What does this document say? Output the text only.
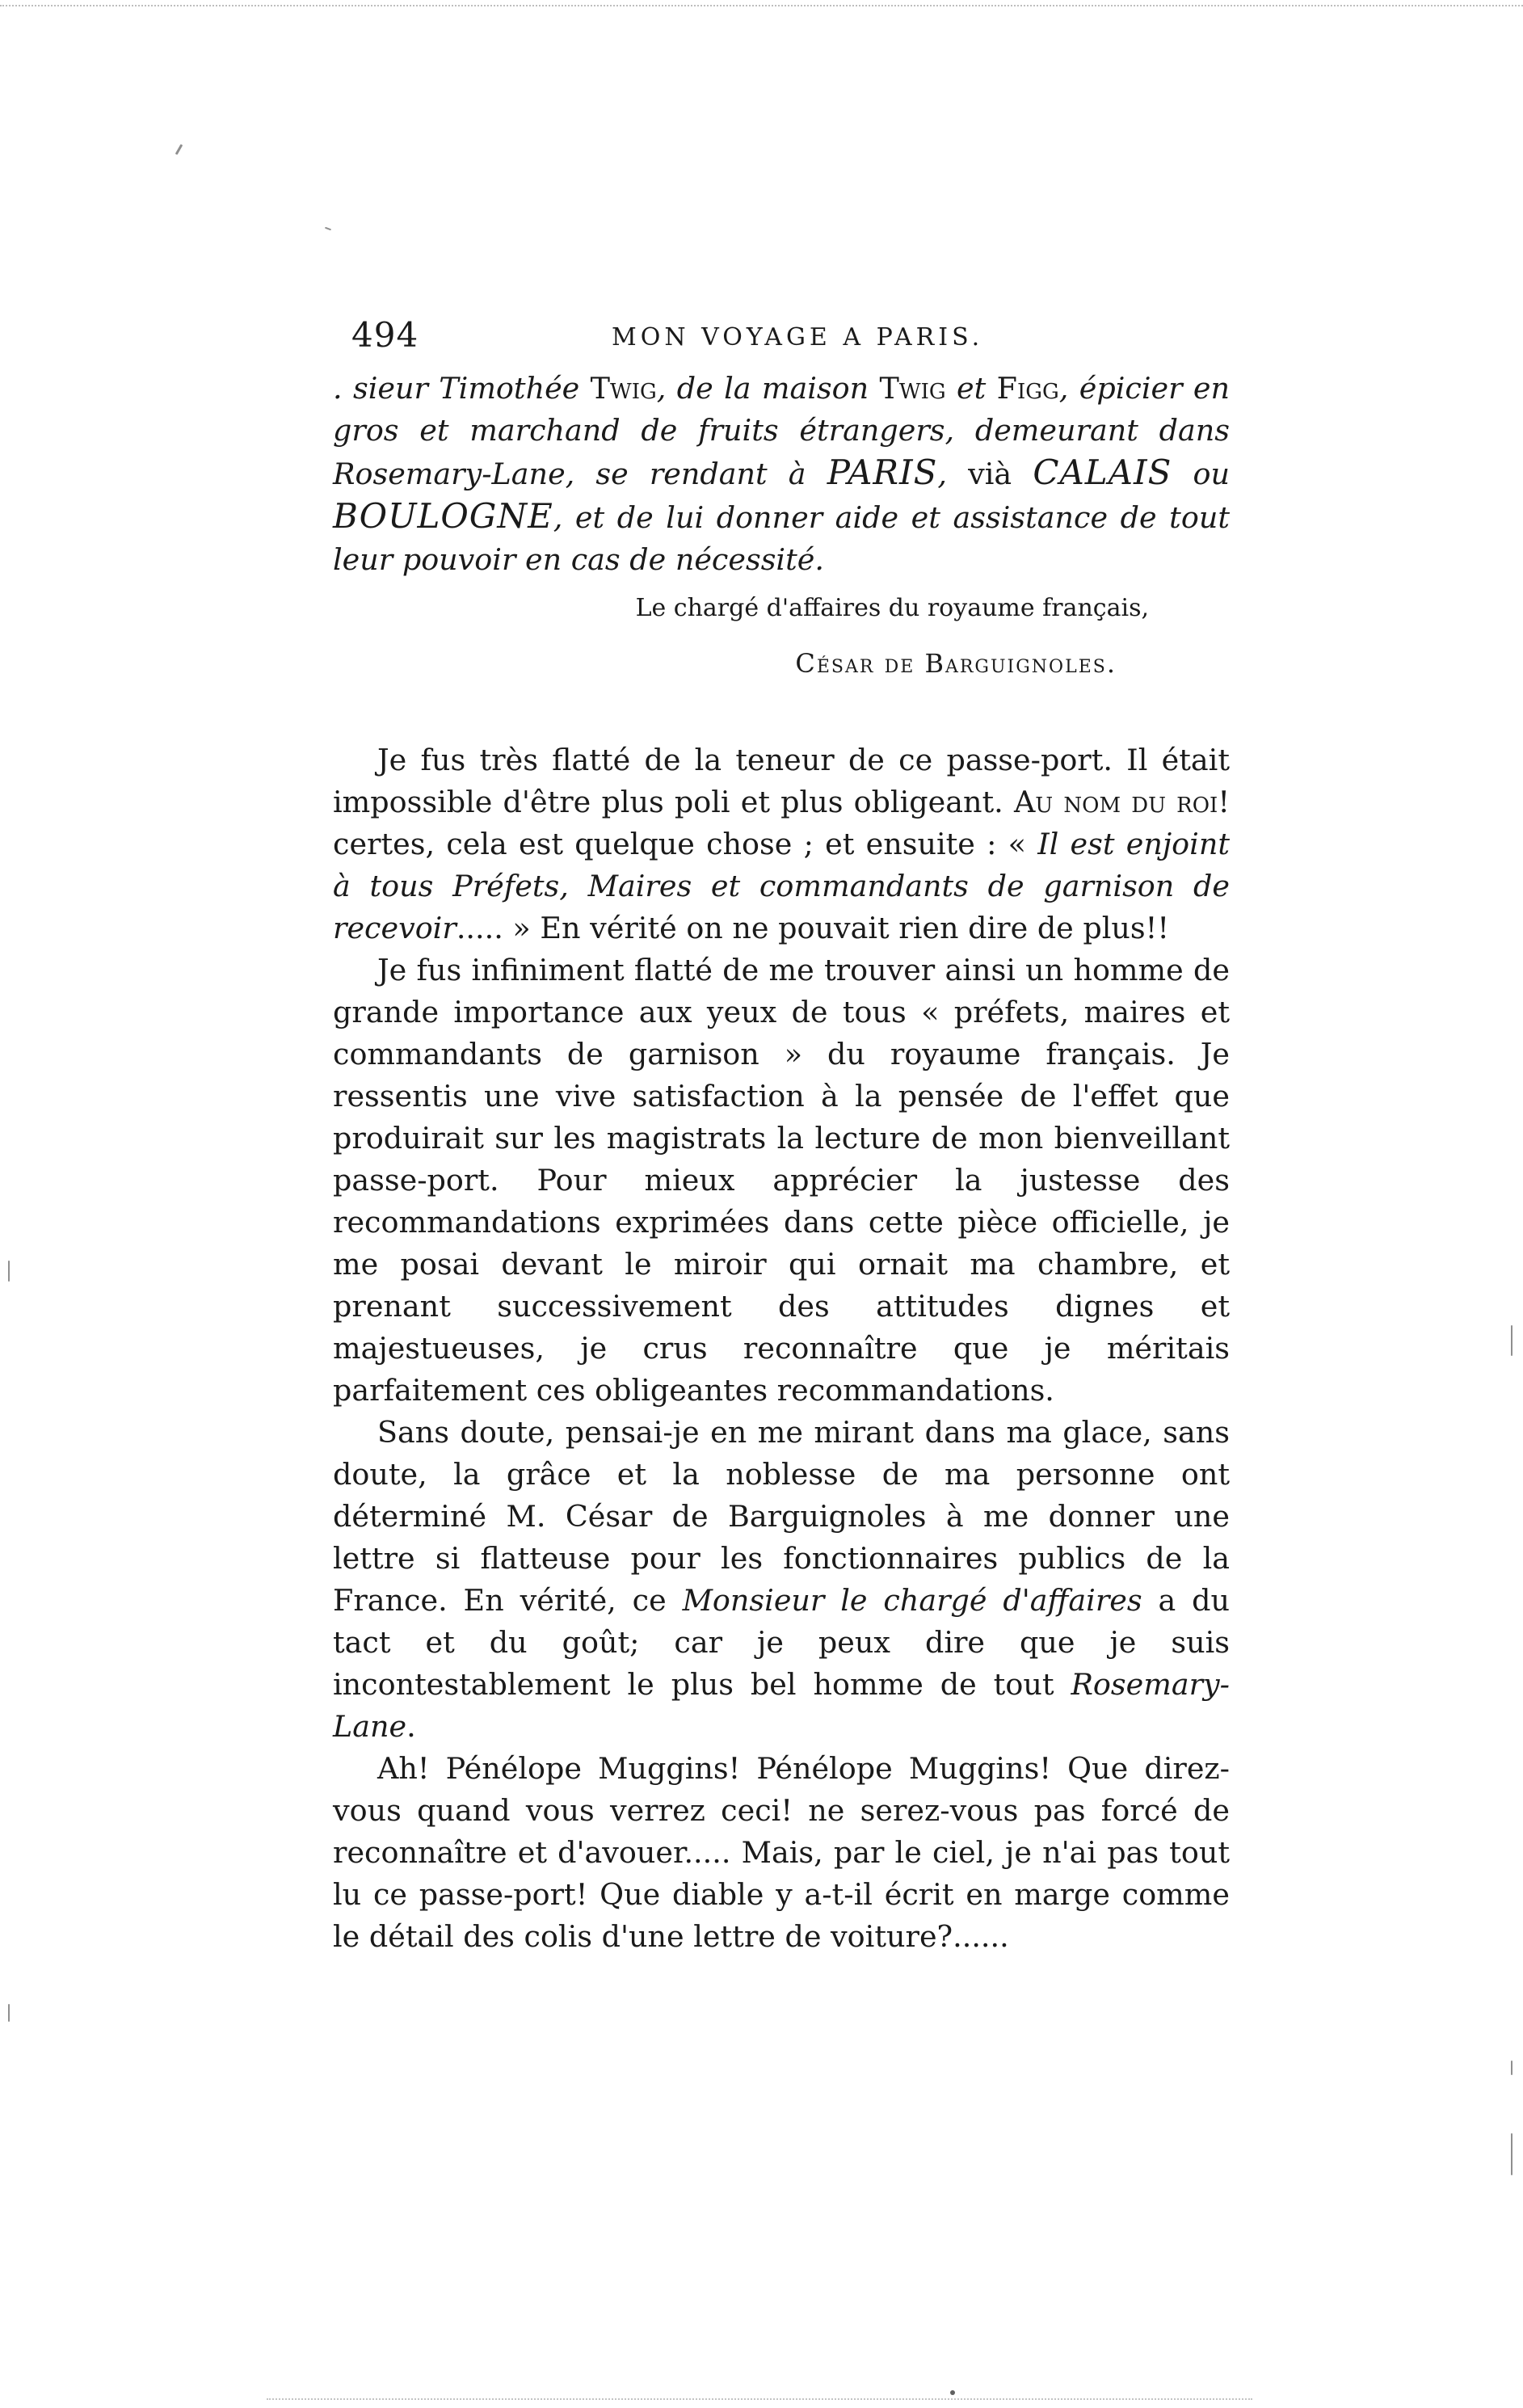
494	MON VOYAGE A PARIS.

. sieur Timothée Twig, de la maison Twig et Figg, épicier en gros et marchand de fruits étrangers, demeurant dans Rosemary-Lane, se rendant à PARIS, vià CALAIS ou BOULOGNE, et de lui donner aide et assistance de tout leur pouvoir en cas de nécessité.

Le chargé d'affaires du royaume français,

César de Barguignoles.

Je fus très flatté de la teneur de ce passe-port. Il était impossible d'être plus poli et plus obligeant. Au nom du roi! certes, cela est quelque chose ; et ensuite : « Il est enjoint à tous Préfets, Maires et commandants de garnison de recevoir..... » En vérité on ne pouvait rien dire de plus!!

Je fus infiniment flatté de me trouver ainsi un homme de grande importance aux yeux de tous « préfets, maires et commandants de garnison » du royaume français. Je ressentis une vive satisfaction à la pensée de l'effet que produirait sur les magistrats la lecture de mon bienveillant passe-port. Pour mieux apprécier la justesse des recommandations exprimées dans cette pièce officielle, je me posai devant le miroir qui ornait ma chambre, et prenant successivement des attitudes dignes et majestueuses, je crus reconnaître que je méritais parfaitement ces obligeantes recommandations.

Sans doute, pensai-je en me mirant dans ma glace, sans doute, la grâce et la noblesse de ma personne ont déterminé M. César de Barguignoles à me donner une lettre si flatteuse pour les fonctionnaires publics de la France. En vérité, ce Monsieur le chargé d'affaires a du tact et du goût; car je peux dire que je suis incontestablement le plus bel homme de tout Rosemary-Lane.

Ah! Pénélope Muggins! Pénélope Muggins! Que direz-vous quand vous verrez ceci! ne serez-vous pas forcé de reconnaître et d'avouer..... Mais, par le ciel, je n'ai pas tout lu ce passe-port! Que diable y a-t-il écrit en marge comme le détail des colis d'une lettre de voiture?......
